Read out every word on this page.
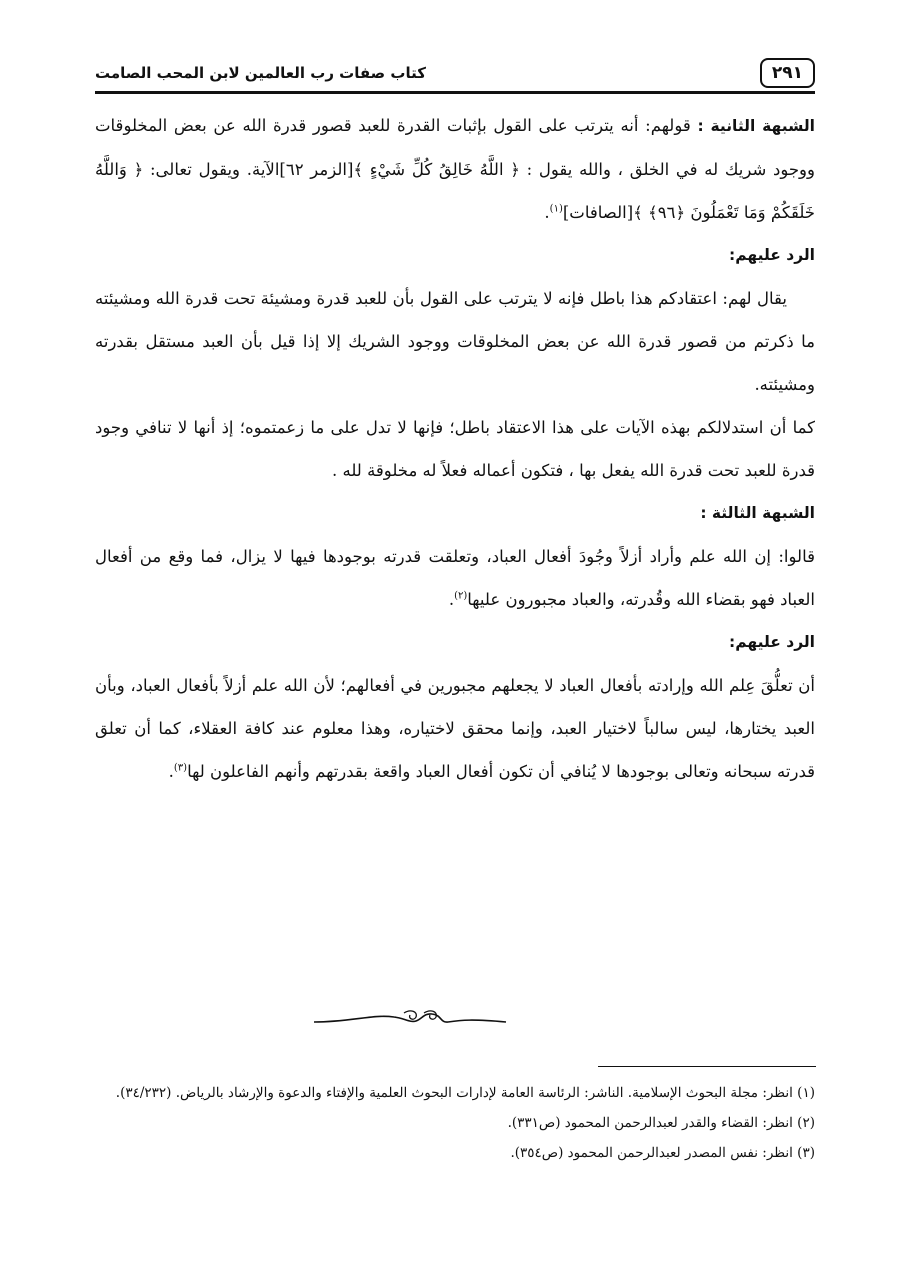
٢٩١
كتاب صفات رب العالمين لابن المحب الصامت

الشبهة الثانية : قولهم: أنه يترتب على القول بإثبات القدرة للعبد قصور قدرة الله عن بعض المخلوقات ووجود شريك له في الخلق ، والله يقول : ﴿ اللَّهُ خَالِقُ كُلِّ شَيْءٍ ﴾[الزمر ٦٢]الآية. ويقول تعالى: ﴿ وَاللَّهُ خَلَقَكُمْ وَمَا تَعْمَلُونَ ﴿٩٦﴾ ﴾[الصافات]$^{(١)}$.

الرد عليهم:

يقال لهم: اعتقادكم هذا باطل فإنه لا يترتب على القول بأن للعبد قدرة ومشيئة تحت قدرة الله ومشيئته ما ذكرتم من قصور قدرة الله عن بعض المخلوقات ووجود الشريك إلا إذا قيل بأن العبد مستقل بقدرته ومشيئته.

كما أن استدلالكم بهذه الآيات على هذا الاعتقاد باطل؛ فإنها لا تدل على ما زعمتموه؛ إذ أنها لا تنافي وجود قدرة للعبد تحت قدرة الله يفعل بها ، فتكون أعماله فعلاً له مخلوقة لله .

الشبهة الثالثة :

قالوا: إن الله علم وأراد أزلاً وجُودَ أفعال العباد، وتعلقت قدرته بوجودها فيها لا يزال، فما وقع من أفعال العباد فهو بقضاء الله وقُدرته، والعباد مجبورون عليها$^{(٢)}$.

الرد عليهم:

أن تعلُّقَ عِلم الله وإرادته بأفعال العباد لا يجعلهم مجبورين في أفعالهم؛ لأن الله علم أزلاً بأفعال العباد، وبأن العبد يختارها، ليس سالباً لاختيار العبد، وإنما محقق لاختياره، وهذا معلوم عند كافة العقلاء، كما أن تعلق قدرته سبحانه وتعالى بوجودها لا يُنافي أن تكون أفعال العباد واقعة بقدرتهم وأنهم الفاعلون لها$^{(٣)}$.

(١) انظر: مجلة البحوث الإسلامية. الناشر: الرئاسة العامة لإدارات البحوث العلمية والإفتاء والدعوة والإرشاد بالرياض. (٣٤/٢٣٢).

(٢) انظر: القضاء والقدر لعبدالرحمن المحمود (ص٣٣١).

(٣) انظر: نفس المصدر لعبدالرحمن المحمود (ص٣٥٤).
